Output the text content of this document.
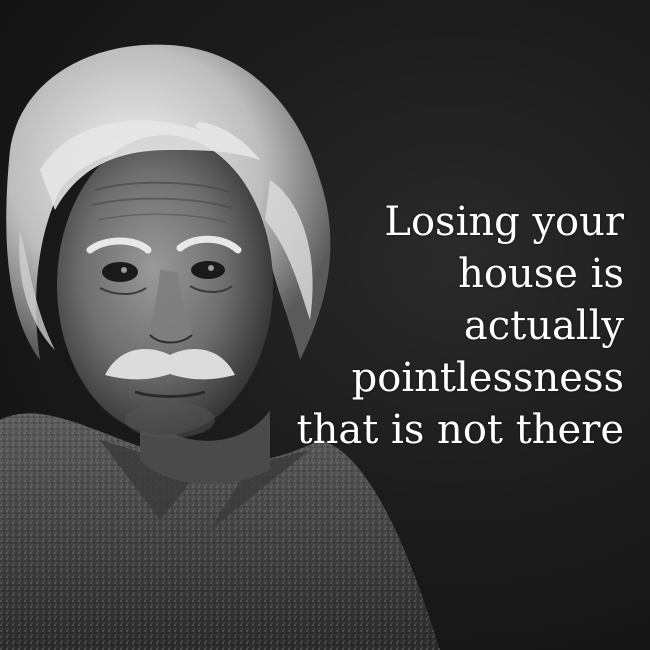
Losing your
house is
actually
pointlessness
that is not there
